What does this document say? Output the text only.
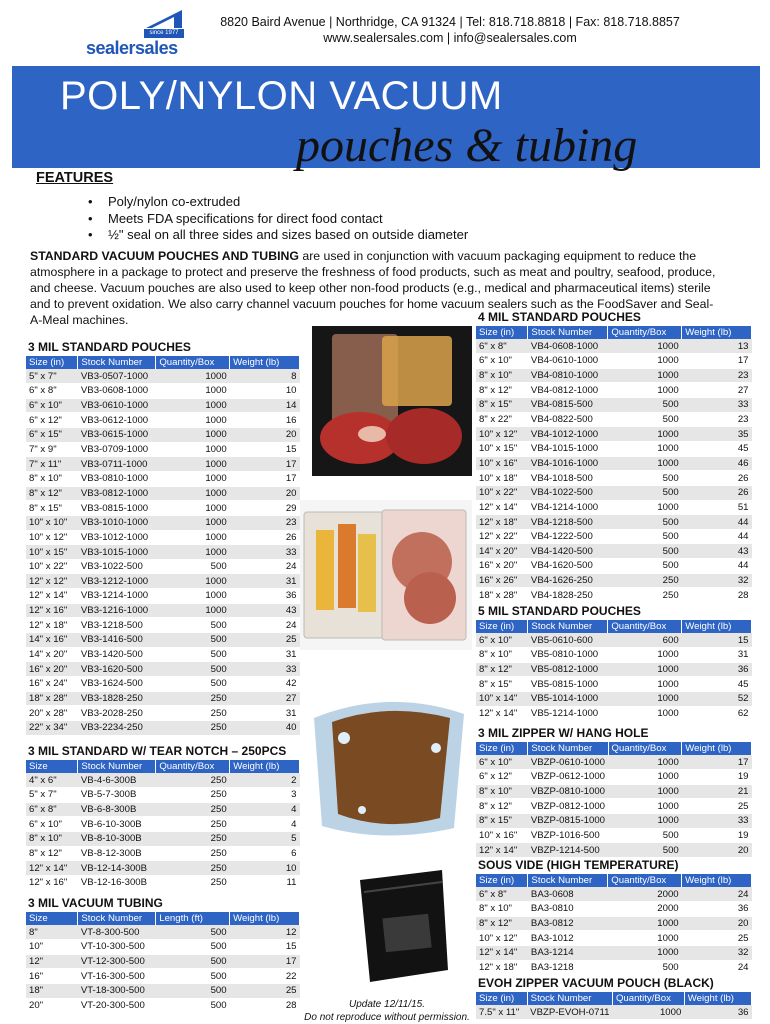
since 1977
sealersales
8820 Baird Avenue | Northridge, CA 91324 | Tel: 818.718.8818 | Fax: 818.718.8857
www.sealersales.com | info@sealersales.com
POLY/NYLON VACUUM
pouches & tubing
FEATURES
• Poly/nylon co-extruded
• Meets FDA specifications for direct food contact
• ½" seal on all three sides and sizes based on outside diameter
STANDARD VACUUM POUCHES AND TUBING are used in conjunction with vacuum packaging equipment to reduce the atmosphere in a package to protect and preserve the freshness of food products, such as meat and poultry, seafood, produce, and cheese. Vacuum pouches are also used to keep other non-food products (e.g., medical and pharmaceutical items) sterile and to prevent oxidation. We also carry channel vacuum pouches for home vacuum sealers such as the FoodSaver and Seal-A-Meal machines.
3 MIL STANDARD POUCHES
Size (in)	Stock Number	Quantity/Box	Weight (lb)
5" x 7"	VB3-0507-1000	1000	8
6" x 8"	VB3-0608-1000	1000	10
6" x 10"	VB3-0610-1000	1000	14
6" x 12"	VB3-0612-1000	1000	16
6" x 15"	VB3-0615-1000	1000	20
7" x 9"	VB3-0709-1000	1000	15
7" x 11"	VB3-0711-1000	1000	17
8" x 10"	VB3-0810-1000	1000	17
8" x 12"	VB3-0812-1000	1000	20
8" x 15"	VB3-0815-1000	1000	29
10" x 10"	VB3-1010-1000	1000	23
10" x 12"	VB3-1012-1000	1000	26
10" x 15"	VB3-1015-1000	1000	33
10" x 22"	VB3-1022-500	500	24
12" x 12"	VB3-1212-1000	1000	31
12" x 14"	VB3-1214-1000	1000	36
12" x 16"	VB3-1216-1000	1000	43
12" x 18"	VB3-1218-500	500	24
14" x 16"	VB3-1416-500	500	25
14" x 20"	VB3-1420-500	500	31
16" x 20"	VB3-1620-500	500	33
16" x 24"	VB3-1624-500	500	42
18" x 28"	VB3-1828-250	250	27
20" x 28"	VB3-2028-250	250	31
22" x 34"	VB3-2234-250	250	40
3 MIL STANDARD W/ TEAR NOTCH – 250PCS
Size	Stock Number	Quantity/Box	Weight (lb)
4" x 6"	VB-4-6-300B	250	2
5" x 7"	VB-5-7-300B	250	3
6" x 8"	VB-6-8-300B	250	4
6" x 10"	VB-6-10-300B	250	4
8" x 10"	VB-8-10-300B	250	5
8" x 12"	VB-8-12-300B	250	6
12" x 14"	VB-12-14-300B	250	10
12" x 16"	VB-12-16-300B	250	11
3 MIL VACUUM TUBING
Size	Stock Number	Length (ft)	Weight (lb)
8"	VT-8-300-500	500	12
10"	VT-10-300-500	500	15
12"	VT-12-300-500	500	17
16"	VT-16-300-500	500	22
18"	VT-18-300-500	500	25
20"	VT-20-300-500	500	28
4 MIL STANDARD POUCHES
Size (in)	Stock Number	Quantity/Box	Weight (lb)
6" x 8"	VB4-0608-1000	1000	13
6" x 10"	VB4-0610-1000	1000	17
8" x 10"	VB4-0810-1000	1000	23
8" x 12"	VB4-0812-1000	1000	27
8" x 15"	VB4-0815-500	500	33
8" x 22"	VB4-0822-500	500	23
10" x 12"	VB4-1012-1000	1000	35
10" x 15"	VB4-1015-1000	1000	45
10" x 16"	VB4-1016-1000	1000	46
10" x 18"	VB4-1018-500	500	26
10" x 22"	VB4-1022-500	500	26
12" x 14"	VB4-1214-1000	1000	51
12" x 18"	VB4-1218-500	500	44
12" x 22"	VB4-1222-500	500	44
14" x 20"	VB4-1420-500	500	43
16" x 20"	VB4-1620-500	500	44
16" x 26"	VB4-1626-250	250	32
18" x 28"	VB4-1828-250	250	28
5 MIL STANDARD POUCHES
Size (in)	Stock Number	Quantity/Box	Weight (lb)
6" x 10"	VB5-0610-600	600	15
8" x 10"	VB5-0810-1000	1000	31
8" x 12"	VB5-0812-1000	1000	36
8" x 15"	VB5-0815-1000	1000	45
10" x 14"	VB5-1014-1000	1000	52
12" x 14"	VB5-1214-1000	1000	62
3 MIL ZIPPER W/ HANG HOLE
Size (in)	Stock Number	Quantity/Box	Weight (lb)
6" x 10"	VBZP-0610-1000	1000	17
6" x 12"	VBZP-0612-1000	1000	19
8" x 10"	VBZP-0810-1000	1000	21
8" x 12"	VBZP-0812-1000	1000	25
8" x 15"	VBZP-0815-1000	1000	33
10" x 16"	VBZP-1016-500	500	19
12" x 14"	VBZP-1214-500	500	20
SOUS VIDE (HIGH TEMPERATURE)
Size (in)	Stock Number	Quantity/Box	Weight (lb)
6" x 8"	BA3-0608	2000	24
8" x 10"	BA3-0810	2000	36
8" x 12"	BA3-0812	1000	20
10" x 12"	BA3-1012	1000	25
12" x 14"	BA3-1214	1000	32
12" x 18"	BA3-1218	500	24
EVOH ZIPPER VACUUM POUCH (BLACK)
Size (in)	Stock Number	Quantity/Box	Weight (lb)
7.5" x 11"	VBZP-EVOH-0711	1000	36
Update 12/11/15.
Do not reproduce without permission.
